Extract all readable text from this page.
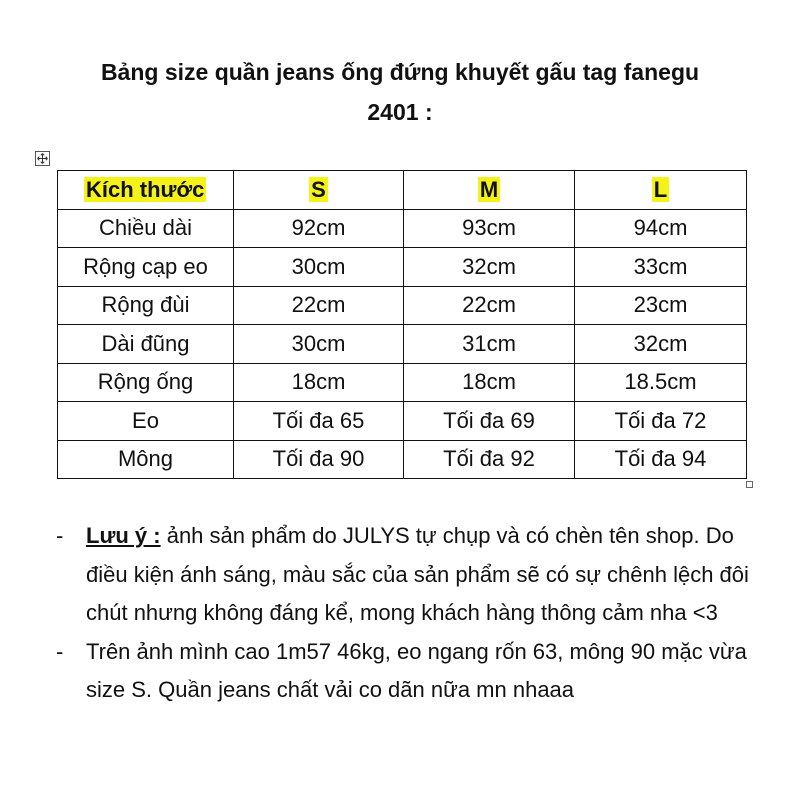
Bảng size quần jeans ống đứng khuyết gấu tag fanegu
2401 :
Kích thước	S	M	L
Chiều dài	92cm	93cm	94cm
Rộng cạp eo	30cm	32cm	33cm
Rộng đùi	22cm	22cm	23cm
Dài đũng	30cm	31cm	32cm
Rộng ống	18cm	18cm	18.5cm
Eo	Tối đa 65	Tối đa 69	Tối đa 72
Mông	Tối đa 90	Tối đa 92	Tối đa 94
- Lưu ý : ảnh sản phẩm do JULYS tự chụp và có chèn tên shop. Do điều kiện ánh sáng, màu sắc của sản phẩm sẽ có sự chênh lệch đôi chút nhưng không đáng kể, mong khách hàng thông cảm nha <3
- Trên ảnh mình cao 1m57 46kg, eo ngang rốn 63, mông 90 mặc vừa size S. Quần jeans chất vải co dãn nữa mn nhaaa
